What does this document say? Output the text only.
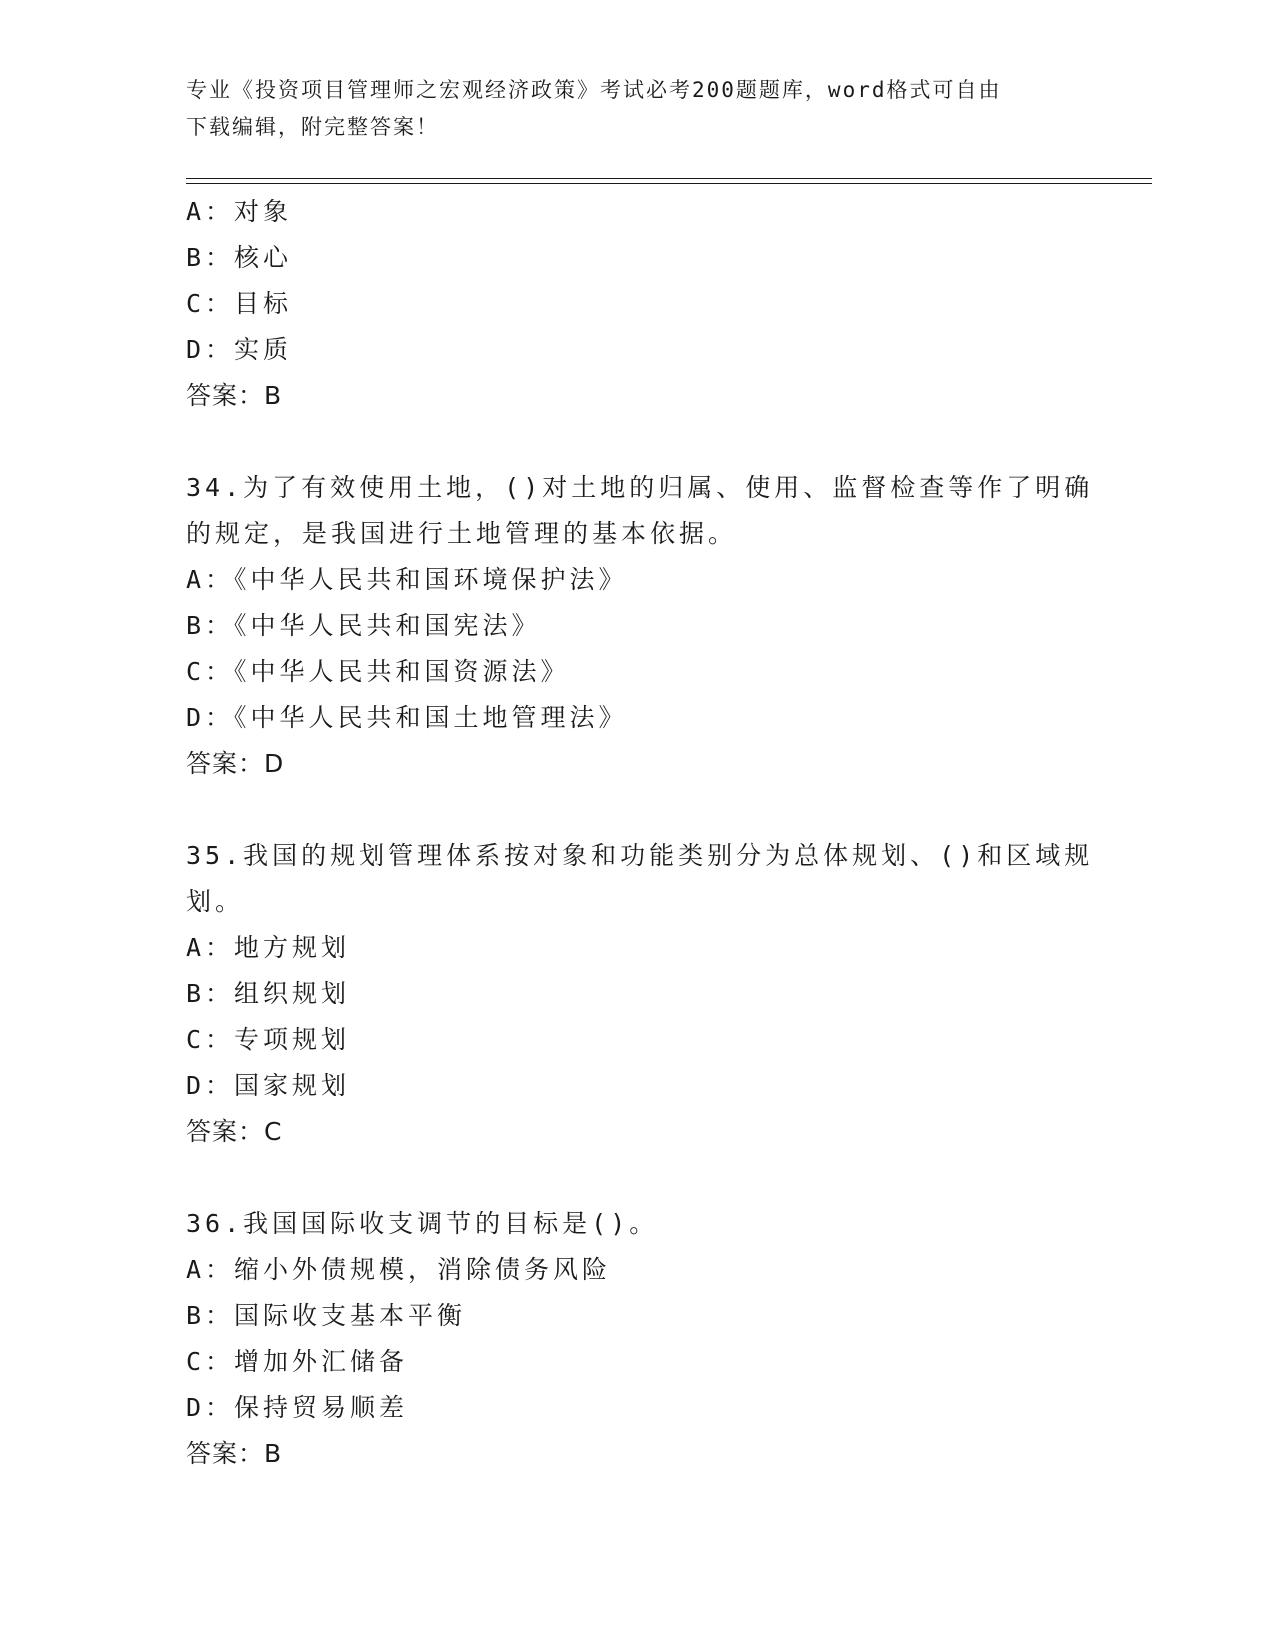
专业《投资项目管理师之宏观经济政策》考试必考200题题库，word格式可自由
下载编辑，附完整答案！
A：对象
B：核心
C：目标
D：实质
答案：B
34.为了有效使用土地，()对土地的归属、使用、监督检查等作了明确
的规定，是我国进行土地管理的基本依据。
A：《中华人民共和国环境保护法》
B：《中华人民共和国宪法》
C：《中华人民共和国资源法》
D：《中华人民共和国土地管理法》
答案：D
35.我国的规划管理体系按对象和功能类别分为总体规划、()和区域规
划。
A：地方规划
B：组织规划
C：专项规划
D：国家规划
答案：C
36.我国国际收支调节的目标是()。
A：缩小外债规模，消除债务风险
B：国际收支基本平衡
C：增加外汇储备
D：保持贸易顺差
答案：B
